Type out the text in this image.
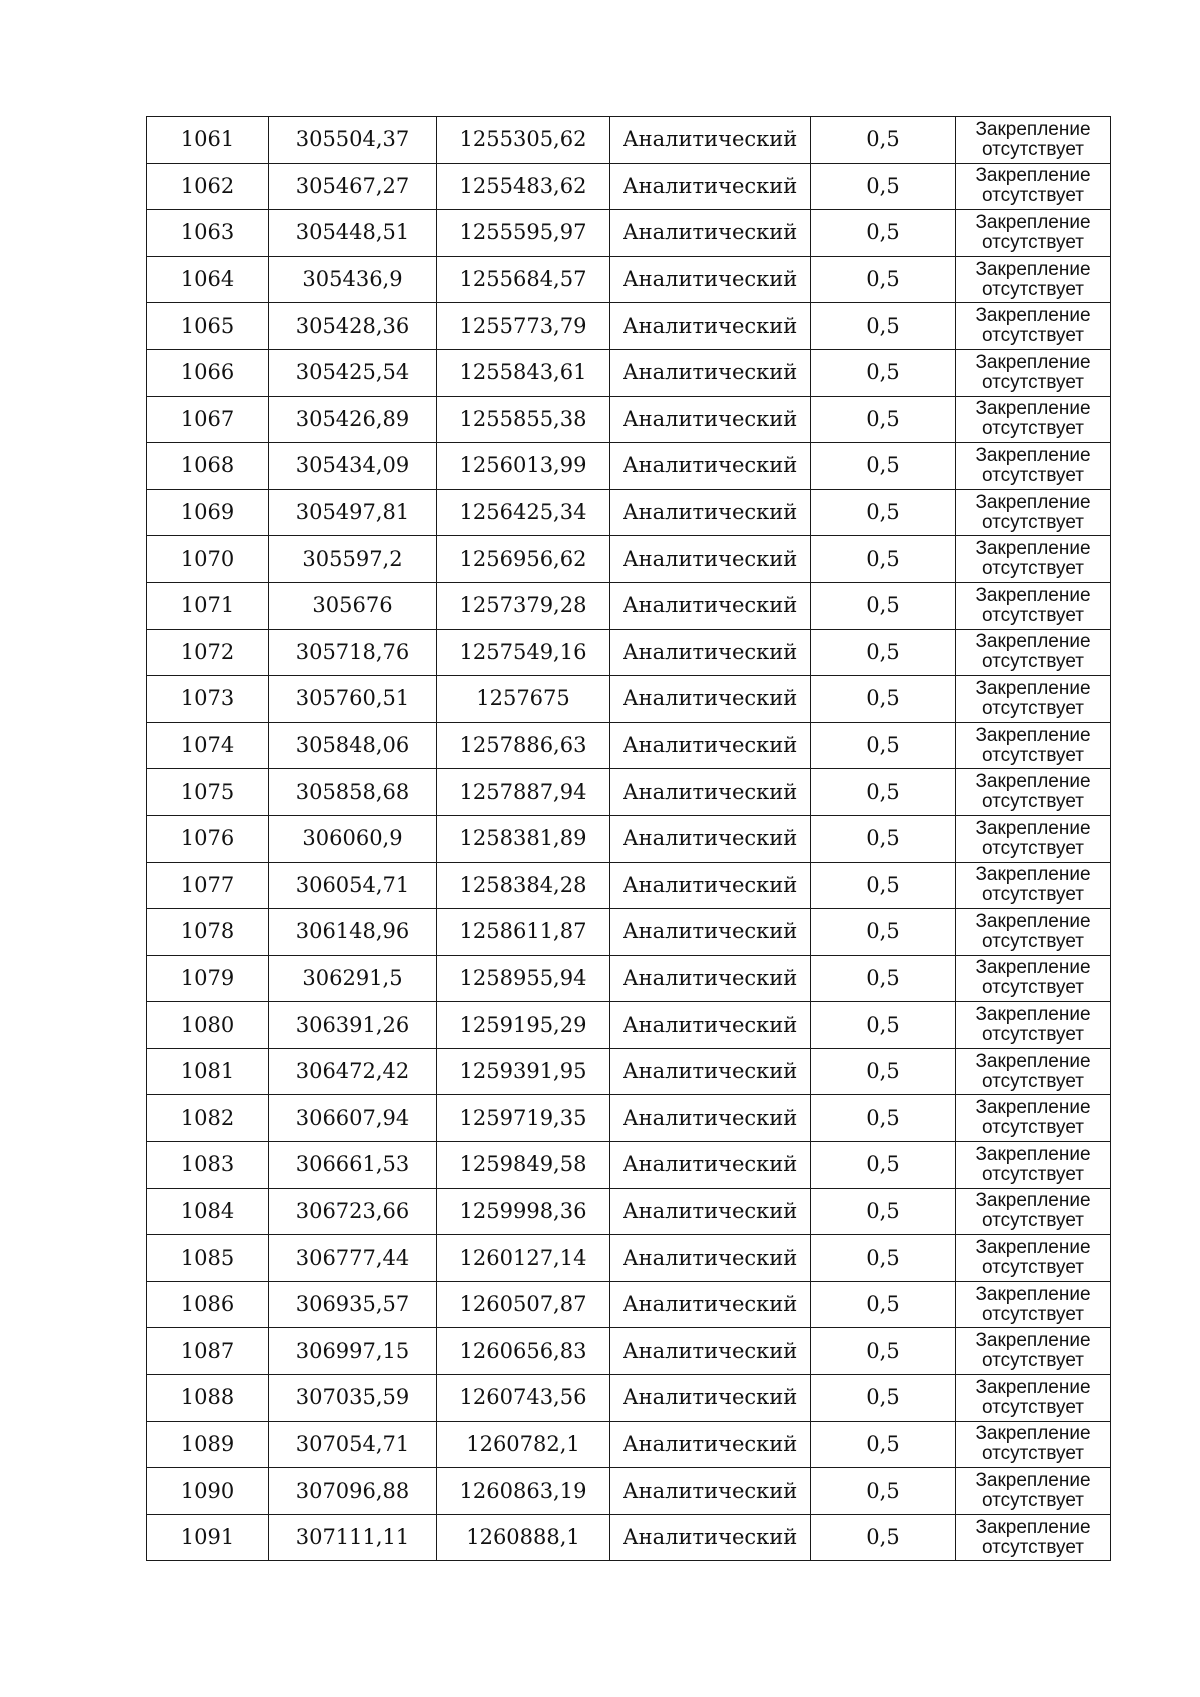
1061	305504,37	1255305,62	Аналитический	0,5	Закрепление
отсутствует

1062	305467,27	1255483,62	Аналитический	0,5	Закрепление
отсутствует

1063	305448,51	1255595,97	Аналитический	0,5	Закрепление
отсутствует

1064	305436,9	1255684,57	Аналитический	0,5	Закрепление
отсутствует

1065	305428,36	1255773,79	Аналитический	0,5	Закрепление
отсутствует

1066	305425,54	1255843,61	Аналитический	0,5	Закрепление
отсутствует

1067	305426,89	1255855,38	Аналитический	0,5	Закрепление
отсутствует

1068	305434,09	1256013,99	Аналитический	0,5	Закрепление
отсутствует

1069	305497,81	1256425,34	Аналитический	0,5	Закрепление
отсутствует

1070	305597,2	1256956,62	Аналитический	0,5	Закрепление
отсутствует

1071	305676	1257379,28	Аналитический	0,5	Закрепление
отсутствует

1072	305718,76	1257549,16	Аналитический	0,5	Закрепление
отсутствует

1073	305760,51	1257675	Аналитический	0,5	Закрепление
отсутствует

1074	305848,06	1257886,63	Аналитический	0,5	Закрепление
отсутствует

1075	305858,68	1257887,94	Аналитический	0,5	Закрепление
отсутствует

1076	306060,9	1258381,89	Аналитический	0,5	Закрепление
отсутствует

1077	306054,71	1258384,28	Аналитический	0,5	Закрепление
отсутствует

1078	306148,96	1258611,87	Аналитический	0,5	Закрепление
отсутствует

1079	306291,5	1258955,94	Аналитический	0,5	Закрепление
отсутствует

1080	306391,26	1259195,29	Аналитический	0,5	Закрепление
отсутствует

1081	306472,42	1259391,95	Аналитический	0,5	Закрепление
отсутствует

1082	306607,94	1259719,35	Аналитический	0,5	Закрепление
отсутствует

1083	306661,53	1259849,58	Аналитический	0,5	Закрепление
отсутствует

1084	306723,66	1259998,36	Аналитический	0,5	Закрепление
отсутствует

1085	306777,44	1260127,14	Аналитический	0,5	Закрепление
отсутствует

1086	306935,57	1260507,87	Аналитический	0,5	Закрепление
отсутствует

1087	306997,15	1260656,83	Аналитический	0,5	Закрепление
отсутствует

1088	307035,59	1260743,56	Аналитический	0,5	Закрепление
отсутствует

1089	307054,71	1260782,1	Аналитический	0,5	Закрепление
отсутствует

1090	307096,88	1260863,19	Аналитический	0,5	Закрепление
отсутствует

1091	307111,11	1260888,1	Аналитический	0,5	Закрепление
отсутствует
